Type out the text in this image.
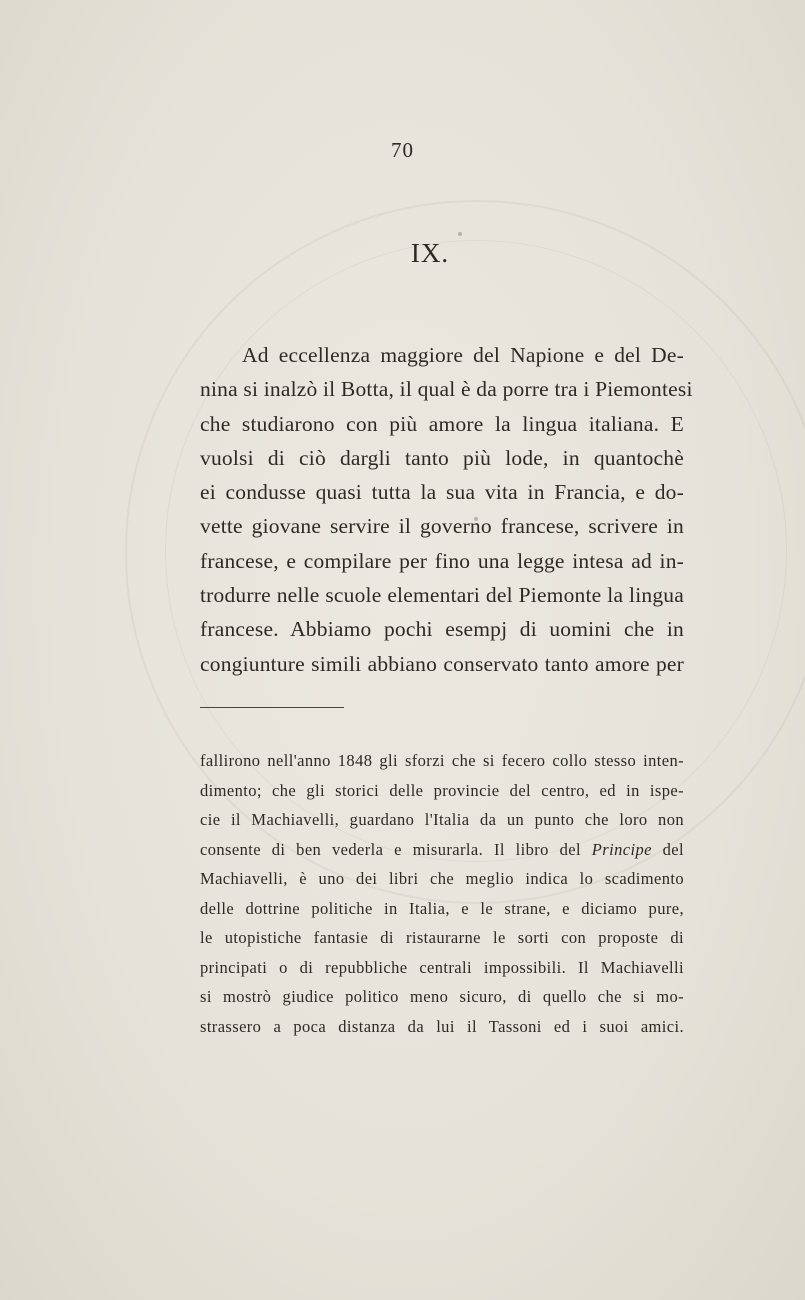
70
IX.
Ad eccellenza maggiore del Napione e del De-
nina si inalzò il Botta, il qual è da porre tra i Piemontesi
che studiarono con più amore la lingua italiana. E
vuolsi di ciò dargli tanto più lode, in quantochè
ei condusse quasi tutta la sua vita in Francia, e do-
vette giovane servire il governo francese, scrivere in
francese, e compilare per fino una legge intesa ad in-
trodurre nelle scuole elementari del Piemonte la lingua
francese. Abbiamo pochi esempj di uomini che in
congiunture simili abbiano conservato tanto amore per
fallirono nell'anno 1848 gli sforzi che si fecero collo stesso inten-
dimento; che gli storici delle provincie del centro, ed in ispe-
cie il Machiavelli, guardano l'Italia da un punto che loro non
consente di ben vederla e misurarla. Il libro del Principe del
Machiavelli, è uno dei libri che meglio indica lo scadimento
delle dottrine politiche in Italia, e le strane, e diciamo pure,
le utopistiche fantasie di ristaurarne le sorti con proposte di
principati o di repubbliche centrali impossibili. Il Machiavelli
si mostrò giudice politico meno sicuro, di quello che si mo-
strassero a poca distanza da lui il Tassoni ed i suoi amici.
